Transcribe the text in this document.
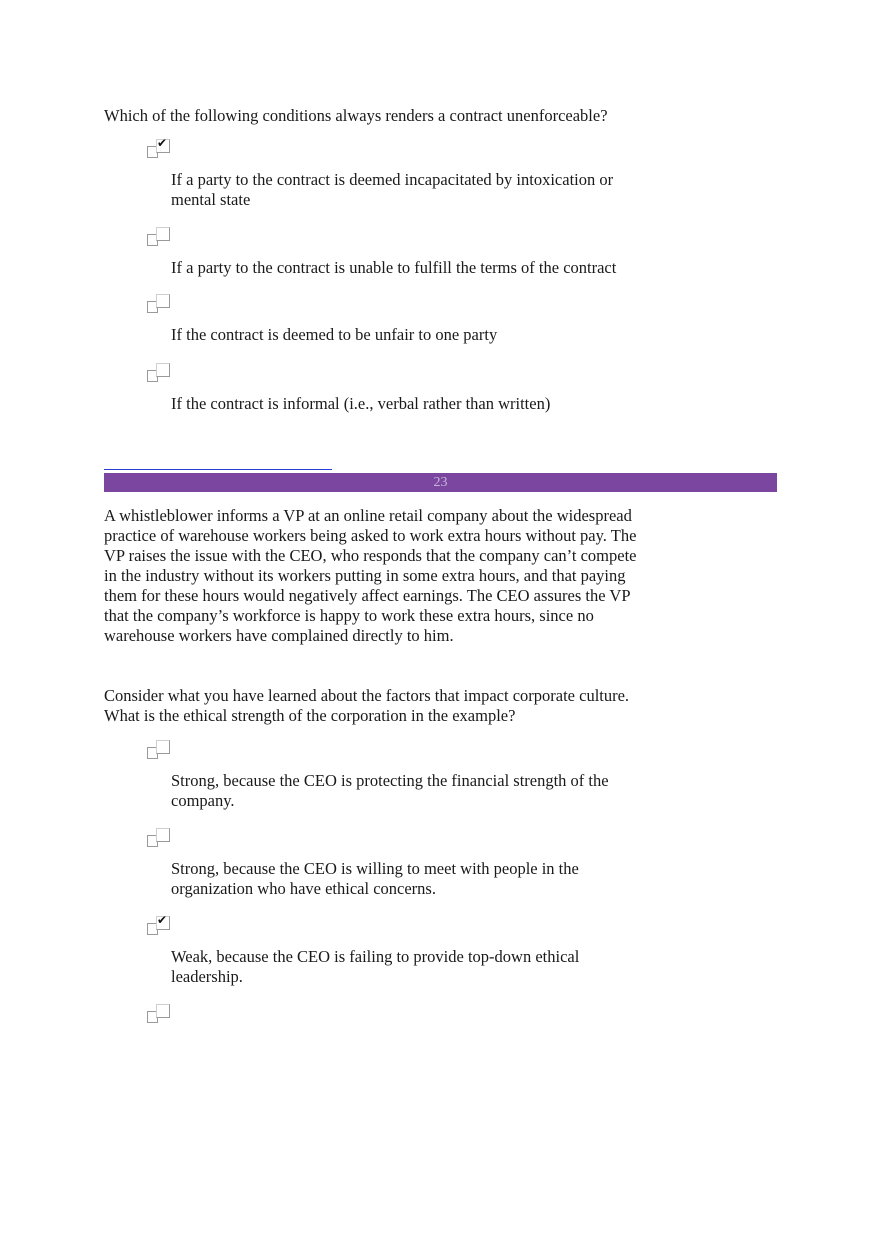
Which of the following conditions always renders a contract unenforceable?
✔
If a party to the contract is deemed incapacitated by intoxication or mental state
If a party to the contract is unable to fulfill the terms of the contract
If the contract is deemed to be unfair to one party
If the contract is informal (i.e., verbal rather than written)
23
A whistleblower informs a VP at an online retail company about the widespread practice of warehouse workers being asked to work extra hours without pay. The VP raises the issue with the CEO, who responds that the company can’t compete in the industry without its workers putting in some extra hours, and that paying them for these hours would negatively affect earnings. The CEO assures the VP that the company’s workforce is happy to work these extra hours, since no warehouse workers have complained directly to him.
Consider what you have learned about the factors that impact corporate culture. What is the ethical strength of the corporation in the example?
Strong, because the CEO is protecting the financial strength of the company.
Strong, because the CEO is willing to meet with people in the organization who have ethical concerns.
✔
Weak, because the CEO is failing to provide top-down ethical leadership.
